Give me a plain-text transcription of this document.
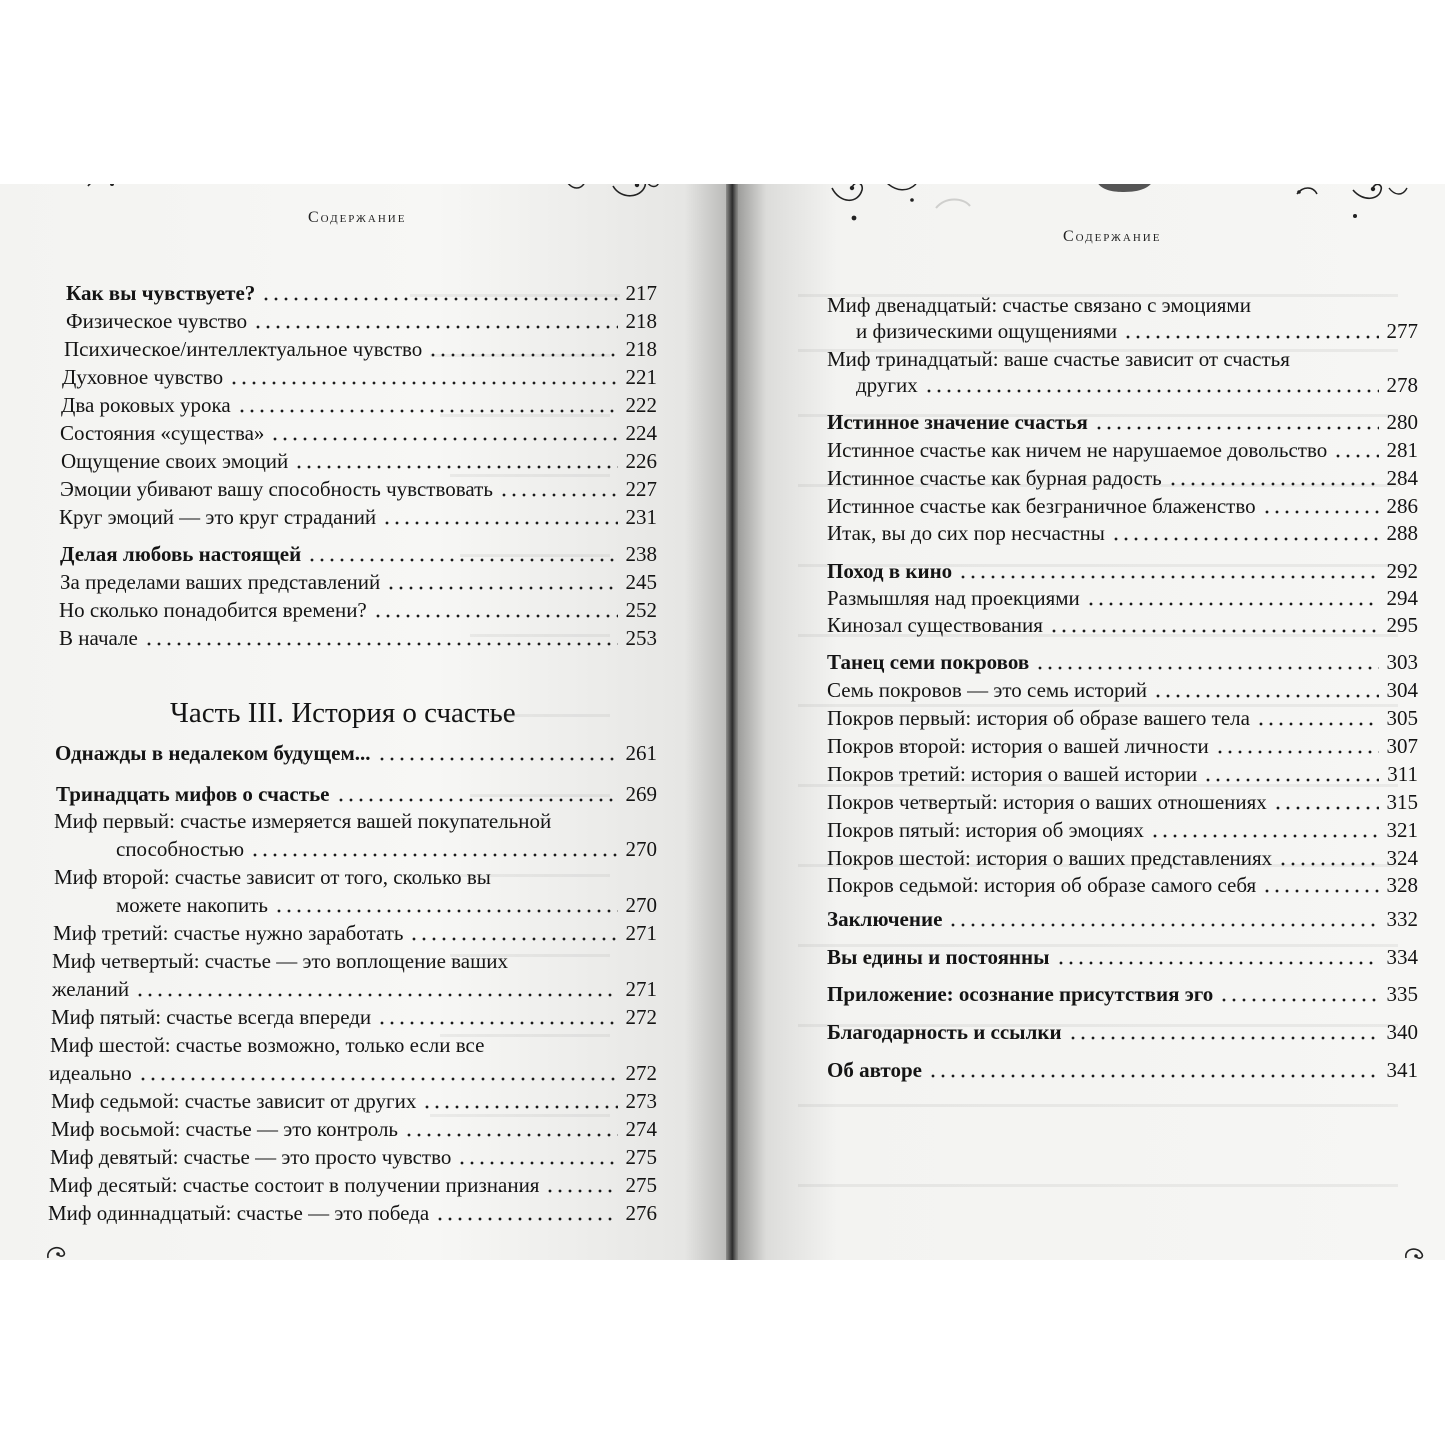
Содержание
Как вы чувствуете?	217
Физическое чувство	218
Психическое/интеллектуальное чувство	218
Духовное чувство	221
Два роковых урока	222
Состояния «существа»	224
Ощущение своих эмоций	226
Эмоции убивают вашу способность чувствовать	227
Круг эмоций — это круг страданий	231
Делая любовь настоящей	238
За пределами ваших представлений	245
Но сколько понадобится времени?	252
В начале	253
Однажды в недалеком будущем...	261
Тринадцать мифов о счастье	269
Миф первый: счастье измеряется вашей покупательной
способностью	270
Миф второй: счастье зависит от того, сколько вы
можете накопить	270
Миф третий: счастье нужно заработать	271
Миф четвертый: счастье — это воплощение ваших
желаний	271
Миф пятый: счастье всегда впереди	272
Миф шестой: счастье возможно, только если все
идеально	272
Миф седьмой: счастье зависит от других	273
Миф восьмой: счастье — это контроль	274
Миф девятый: счастье — это просто чувство	275
Миф десятый: счастье состоит в получении признания	275
Миф одиннадцатый: счастье — это победа	276
Часть III. История о счастье
Содержание
Миф двенадцатый: счастье связано с эмоциями
и физическими ощущениями	277
Миф тринадцатый: ваше счастье зависит от счастья
других	278
Истинное значение счастья	280
Истинное счастье как ничем не нарушаемое довольство	281
Истинное счастье как бурная радость	284
Истинное счастье как безграничное блаженство	286
Итак, вы до сих пор несчастны	288
Поход в кино	292
Размышляя над проекциями	294
Кинозал существования	295
Танец семи покровов	303
Семь покровов — это семь историй	304
Покров первый: история об образе вашего тела	305
Покров второй: история о вашей личности	307
Покров третий: история о вашей истории	311
Покров четвертый: история о ваших отношениях	315
Покров пятый: история об эмоциях	321
Покров шестой: история о ваших представлениях	324
Покров седьмой: история об образе самого себя	328
Заключение	332
Вы едины и постоянны	334
Приложение: осознание присутствия эго	335
Благодарность и ссылки	340
Об авторе	341
